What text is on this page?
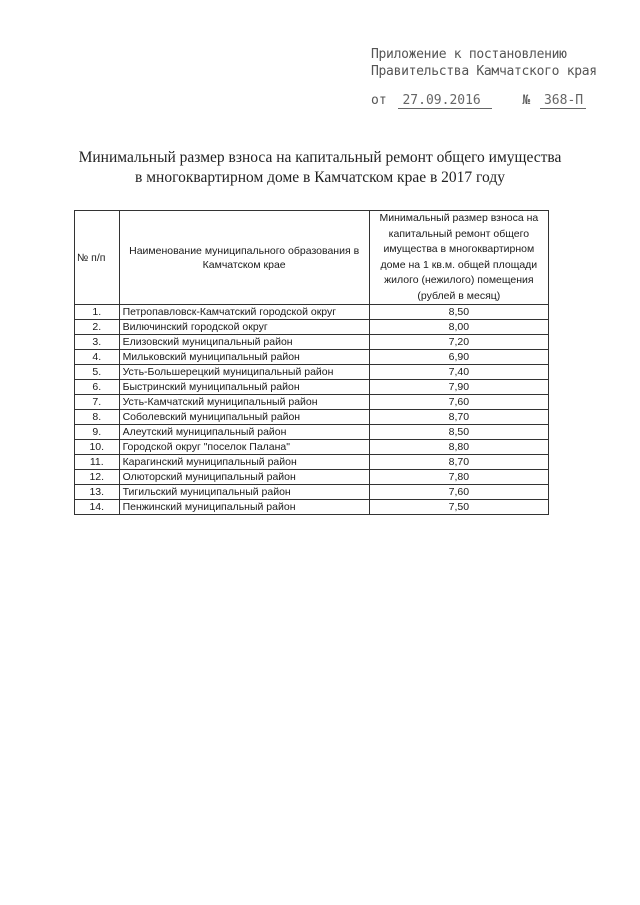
Приложение к постановлению
Правительства Камчатского края
от 27.09.2016	№ 368-П
Минимальный размер взноса на капитальный ремонт общего имущества
в многоквартирном доме в Камчатском крае в 2017 году
№ п/п	Наименование муниципального образования в Камчатском крае	Минимальный размер взноса на капитальный ремонт общего имущества в многоквартирном доме на 1 кв.м. общей площади жилого (нежилого) помещения (рублей в месяц)
1.	Петропавловск-Камчатский городской округ	8,50
2.	Вилючинский городской округ	8,00
3.	Елизовский муниципальный район	7,20
4.	Мильковский муниципальный район	6,90
5.	Усть-Большерецкий муниципальный район	7,40
6.	Быстринский муниципальный район	7,90
7.	Усть-Камчатский муниципальный район	7,60
8.	Соболевский муниципальный район	8,70
9.	Алеутский муниципальный район	8,50
10.	Городской округ "поселок Палана"	8,80
11.	Карагинский муниципальный район	8,70
12.	Олюторский муниципальный район	7,80
13.	Тигильский муниципальный район	7,60
14.	Пенжинский муниципальный район	7,50
